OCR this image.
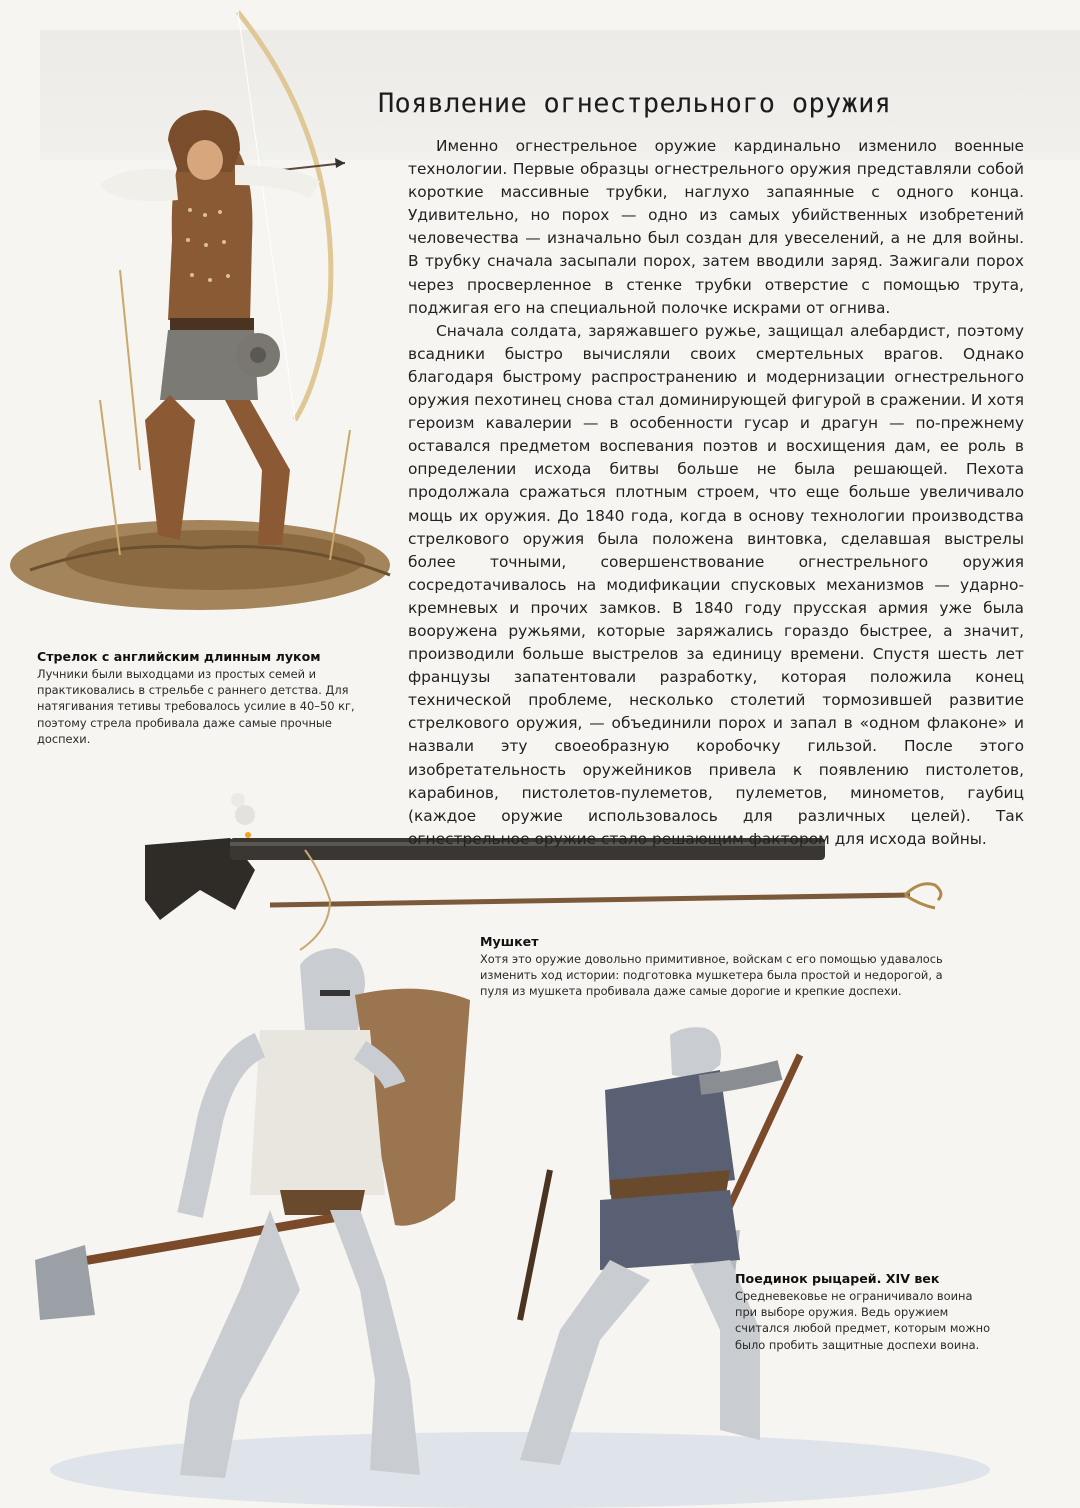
Появление огнестрельного оружия

Именно огнестрельное оружие кардинально изменило военные технологии. Первые образцы огнестрельного оружия представляли собой короткие массивные трубки, наглухо запаянные с одного конца. Удивительно, но порох — одно из самых убийственных изобретений человечества — изначально был создан для увеселений, а не для войны. В трубку сначала засыпали порох, затем вводили заряд. Зажигали порох через просверленное в стенке трубки отверстие с помощью трута, поджигая его на специальной полочке искрами от огнива.

Сначала солдата, заряжавшего ружье, защищал алебардист, поэтому всадники быстро вычисляли своих смертельных врагов. Однако благодаря быстрому распространению и модернизации огнестрельного оружия пехотинец снова стал доминирующей фигурой в сражении. И хотя героизм кавалерии — в особенности гусар и драгун — по-прежнему оставался предметом воспевания поэтов и восхищения дам, ее роль в определении исхода битвы больше не была решающей. Пехота продолжала сражаться плотным строем, что еще больше увеличивало мощь их оружия. До 1840 года, когда в основу технологии производства стрелкового оружия была положена винтовка, сделавшая выстрелы более точными, совершенствование огнестрельного оружия сосредотачивалось на модификации спусковых механизмов — ударно-кремневых и прочих замков. В 1840 году прусская армия уже была вооружена ружьями, которые заряжались гораздо быстрее, а значит, производили больше выстрелов за единицу времени. Спустя шесть лет французы запатентовали разработку, которая положила конец технической проблеме, несколько столетий тормозившей развитие стрелкового оружия, — объединили порох и запал в «одном флаконе» и назвали эту своеобразную коробочку гильзой. После этого изобретательность оружейников привела к появлению пистолетов, карабинов, пистолетов-пулеметов, пулеметов, минометов, гаубиц (каждое оружие использовалось для различных целей). Так огнестрельное оружие стало решающим фактором для исхода войны.

Стрелок с английским длинным луком
Лучники были выходцами из простых семей и практиковались в стрельбе с раннего детства. Для натягивания тетивы требовалось усилие в 40–50 кг, поэтому стрела пробивала даже самые прочные доспехи.
Мушкет
Хотя это оружие довольно примитивное, войскам с его помощью удавалось изменить ход истории: подготовка мушкетера была простой и недорогой, а пуля из мушкета пробивала даже самые дорогие и крепкие доспехи.
Поединок рыцарей. XIV век
Средневековье не ограничивало воина при выборе оружия. Ведь оружием считался любой предмет, которым можно было пробить защитные доспехи воина.
